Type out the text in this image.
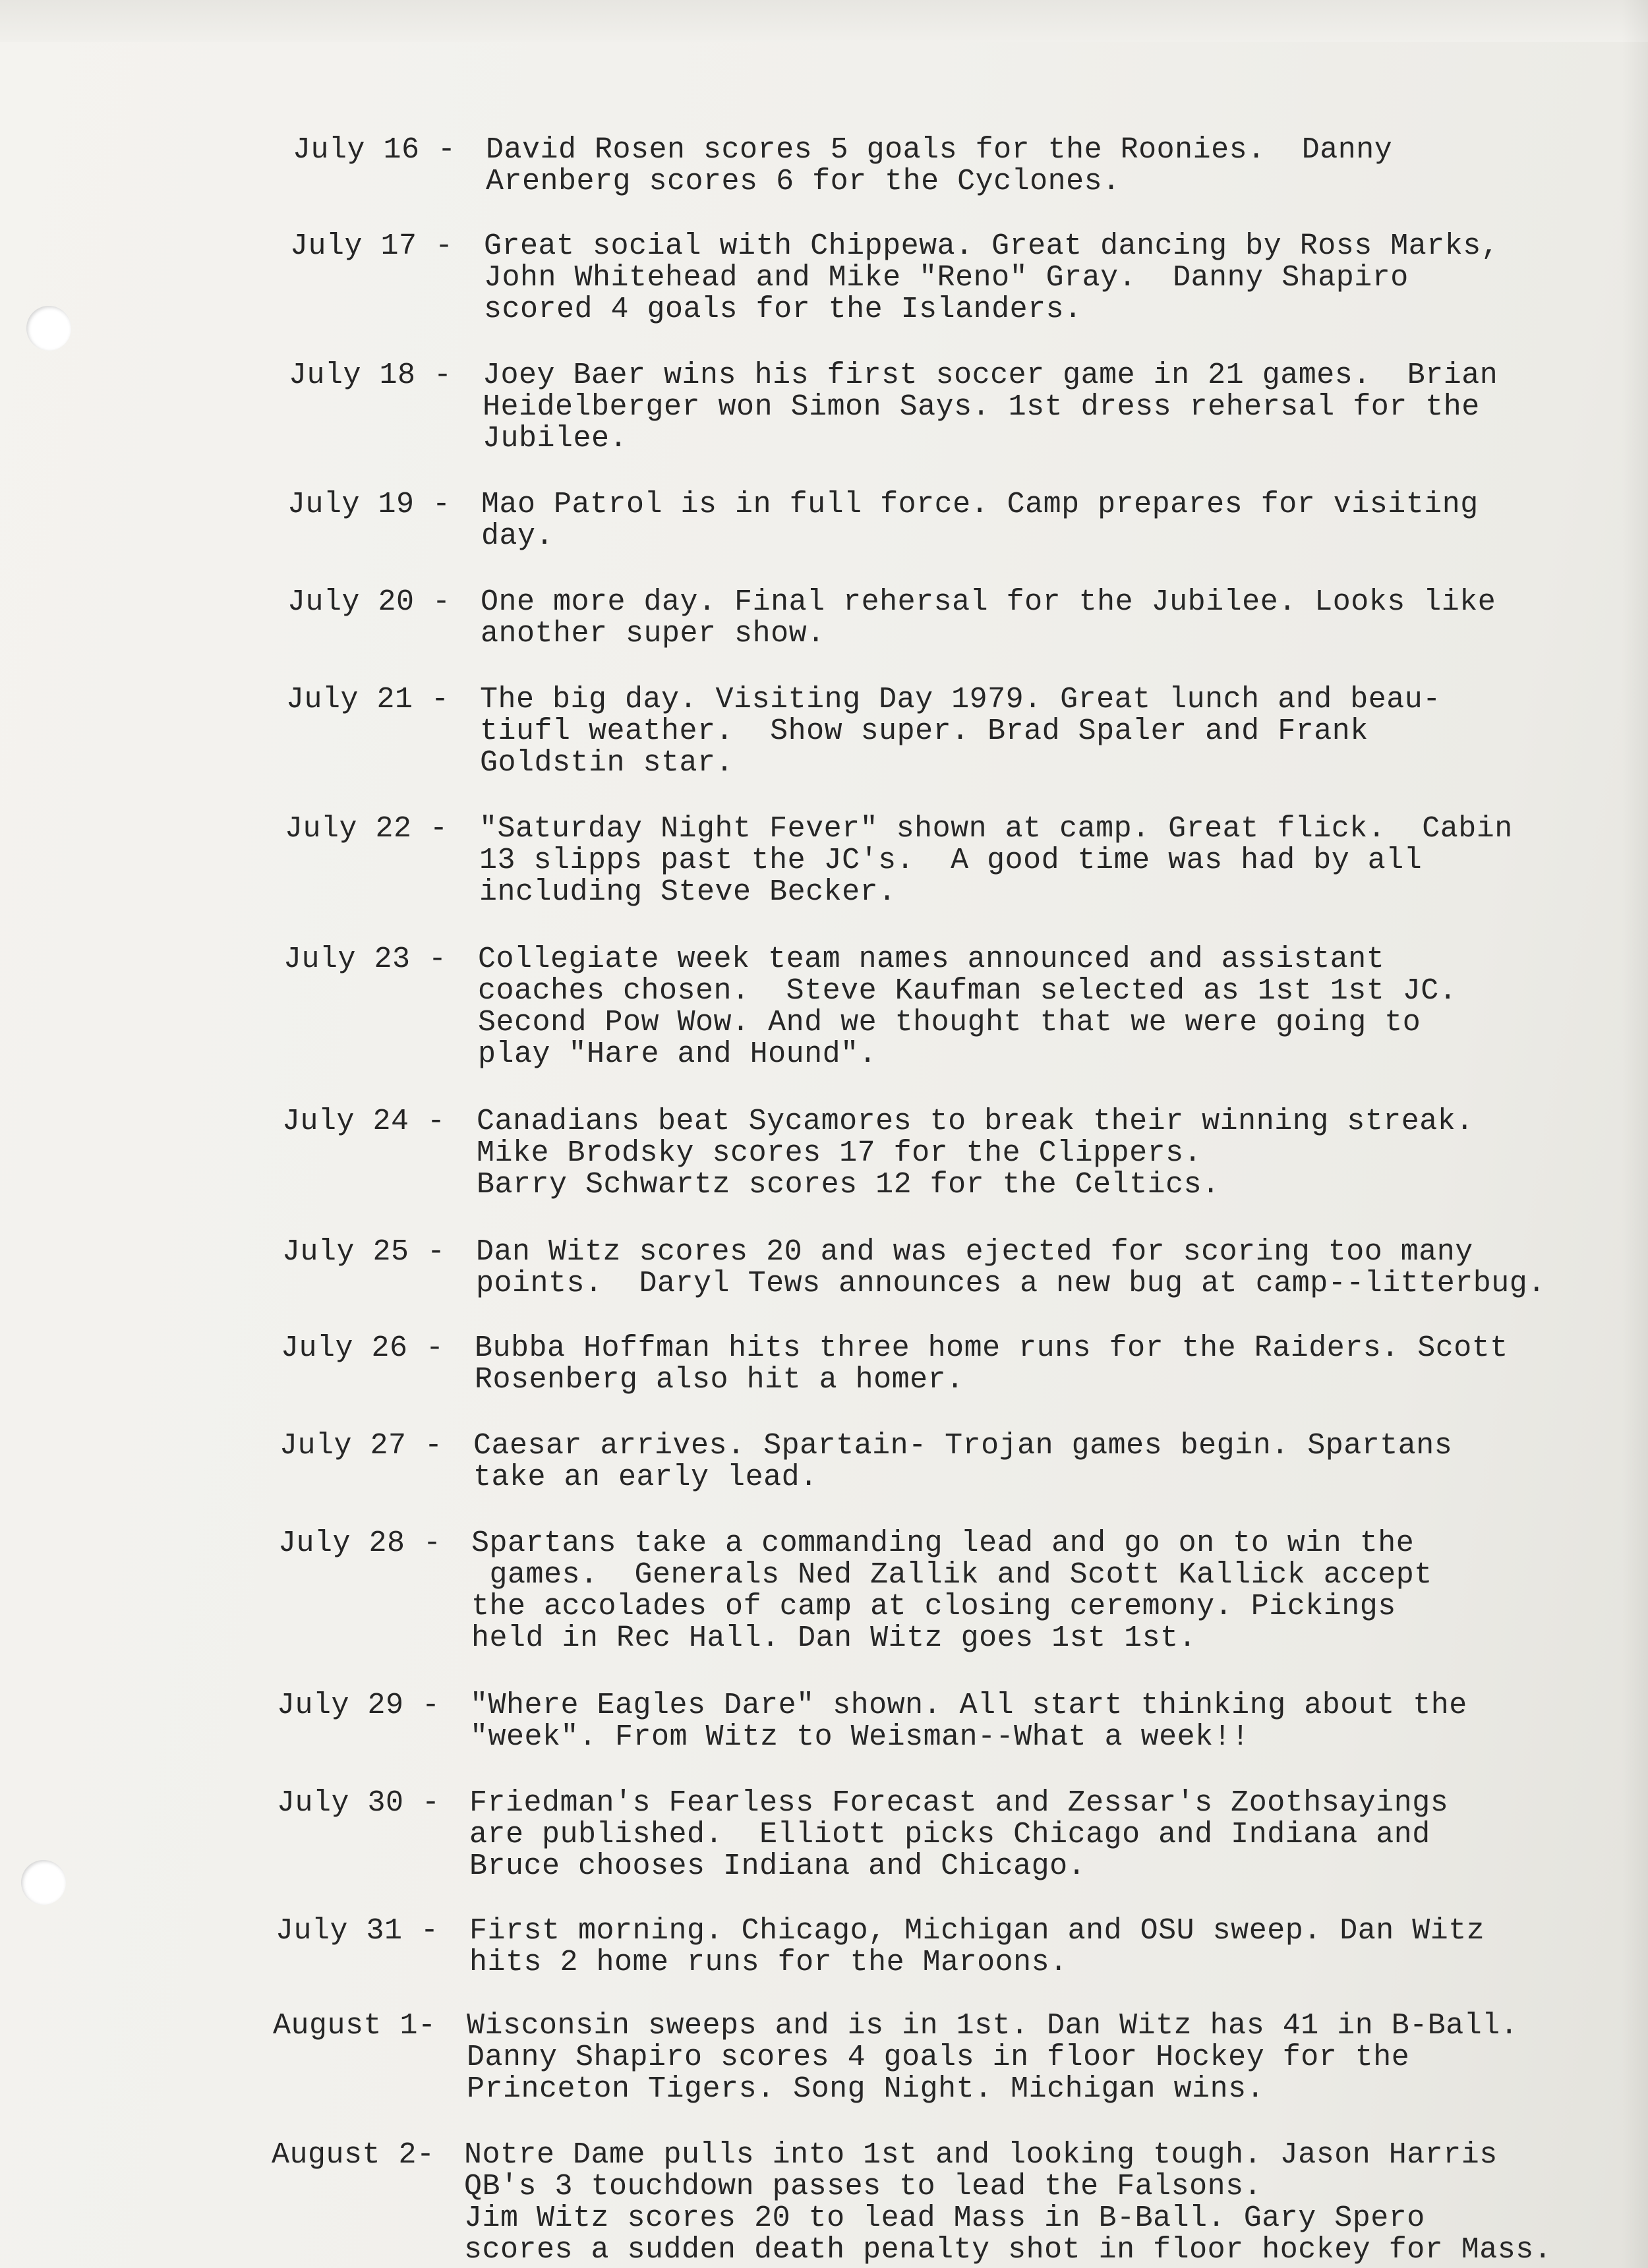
July 16 - David Rosen scores 5 goals for the Roonies.  Danny
Arenberg scores 6 for the Cyclones.
July 17 - Great social with Chippewa. Great dancing by Ross Marks,
John Whitehead and Mike "Reno" Gray.  Danny Shapiro
scored 4 goals for the Islanders.
July 18 - Joey Baer wins his first soccer game in 21 games.  Brian
Heidelberger won Simon Says. 1st dress rehersal for the
Jubilee.
July 19 - Mao Patrol is in full force. Camp prepares for visiting
day.
July 20 - One more day. Final rehersal for the Jubilee. Looks like
another super show.
July 21 - The big day. Visiting Day 1979. Great lunch and beau-
tiufl weather.  Show super. Brad Spaler and Frank
Goldstin star.
July 22 - "Saturday Night Fever" shown at camp. Great flick.  Cabin
13 slipps past the JC's.  A good time was had by all
including Steve Becker.
July 23 - Collegiate week team names announced and assistant
coaches chosen.  Steve Kaufman selected as 1st 1st JC.
Second Pow Wow. And we thought that we were going to
play "Hare and Hound".
July 24 - Canadians beat Sycamores to break their winning streak.
Mike Brodsky scores 17 for the Clippers.
Barry Schwartz scores 12 for the Celtics.
July 25 - Dan Witz scores 20 and was ejected for scoring too many
points.  Daryl Tews announces a new bug at camp--litterbug.
July 26 - Bubba Hoffman hits three home runs for the Raiders. Scott
Rosenberg also hit a homer.
July 27 - Caesar arrives. Spartain- Trojan games begin. Spartans
take an early lead.
July 28 - Spartans take a commanding lead and go on to win the
games.  Generals Ned Zallik and Scott Kallick accept
the accolades of camp at closing ceremony. Pickings
held in Rec Hall. Dan Witz goes 1st 1st.
July 29 - "Where Eagles Dare" shown. All start thinking about the
"week". From Witz to Weisman--What a week!!
July 30 - Friedman's Fearless Forecast and Zessar's Zoothsayings
are published.  Elliott picks Chicago and Indiana and
Bruce chooses Indiana and Chicago.
July 31 - First morning. Chicago, Michigan and OSU sweep. Dan Witz
hits 2 home runs for the Maroons.
August 1- Wisconsin sweeps and is in 1st. Dan Witz has 41 in B-Ball.
Danny Shapiro scores 4 goals in floor Hockey for the
Princeton Tigers. Song Night. Michigan wins.
August 2- Notre Dame pulls into 1st and looking tough. Jason Harris
QB's 3 touchdown passes to lead the Falsons.
Jim Witz scores 20 to lead Mass in B-Ball. Gary Spero
scores a sudden death penalty shot in floor hockey for Mass.
